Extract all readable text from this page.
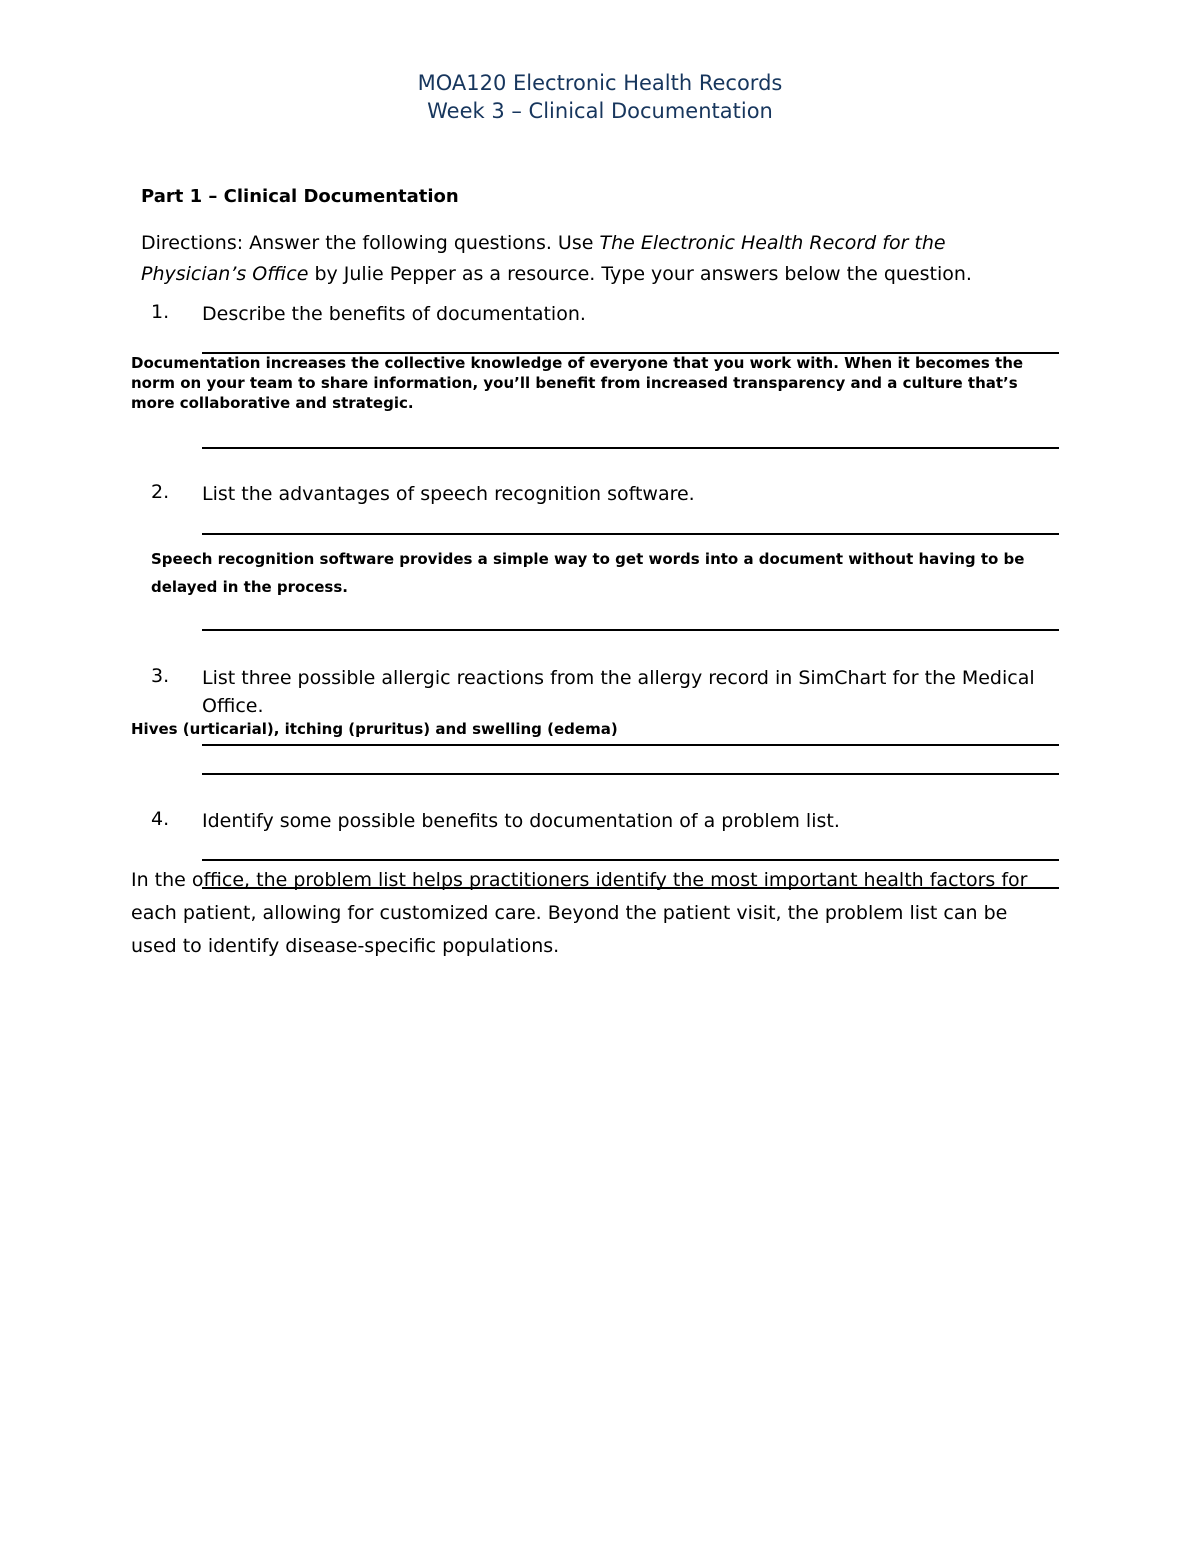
MOA120 Electronic Health Records
Week 3 – Clinical Documentation
Part 1 – Clinical Documentation
Directions: Answer the following questions. Use The Electronic Health Record for the Physician’s Office by Julie Pepper as a resource. Type your answers below the question.
1. Describe the benefits of documentation.
Documentation increases the collective knowledge of everyone that you work with. When it becomes the norm on your team to share information, you’ll benefit from increased transparency and a culture that’s more collaborative and strategic.
2. List the advantages of speech recognition software.
Speech recognition software provides a simple way to get words into a document without having to be delayed in the process.
3. List three possible allergic reactions from the allergy record in SimChart for the Medical Office.
Hives (urticarial), itching (pruritus) and swelling (edema)
4. Identify some possible benefits to documentation of a problem list.
In the office, the problem list helps practitioners identify the most important health factors for each patient, allowing for customized care. Beyond the patient visit, the problem list can be used to identify disease-specific populations.
